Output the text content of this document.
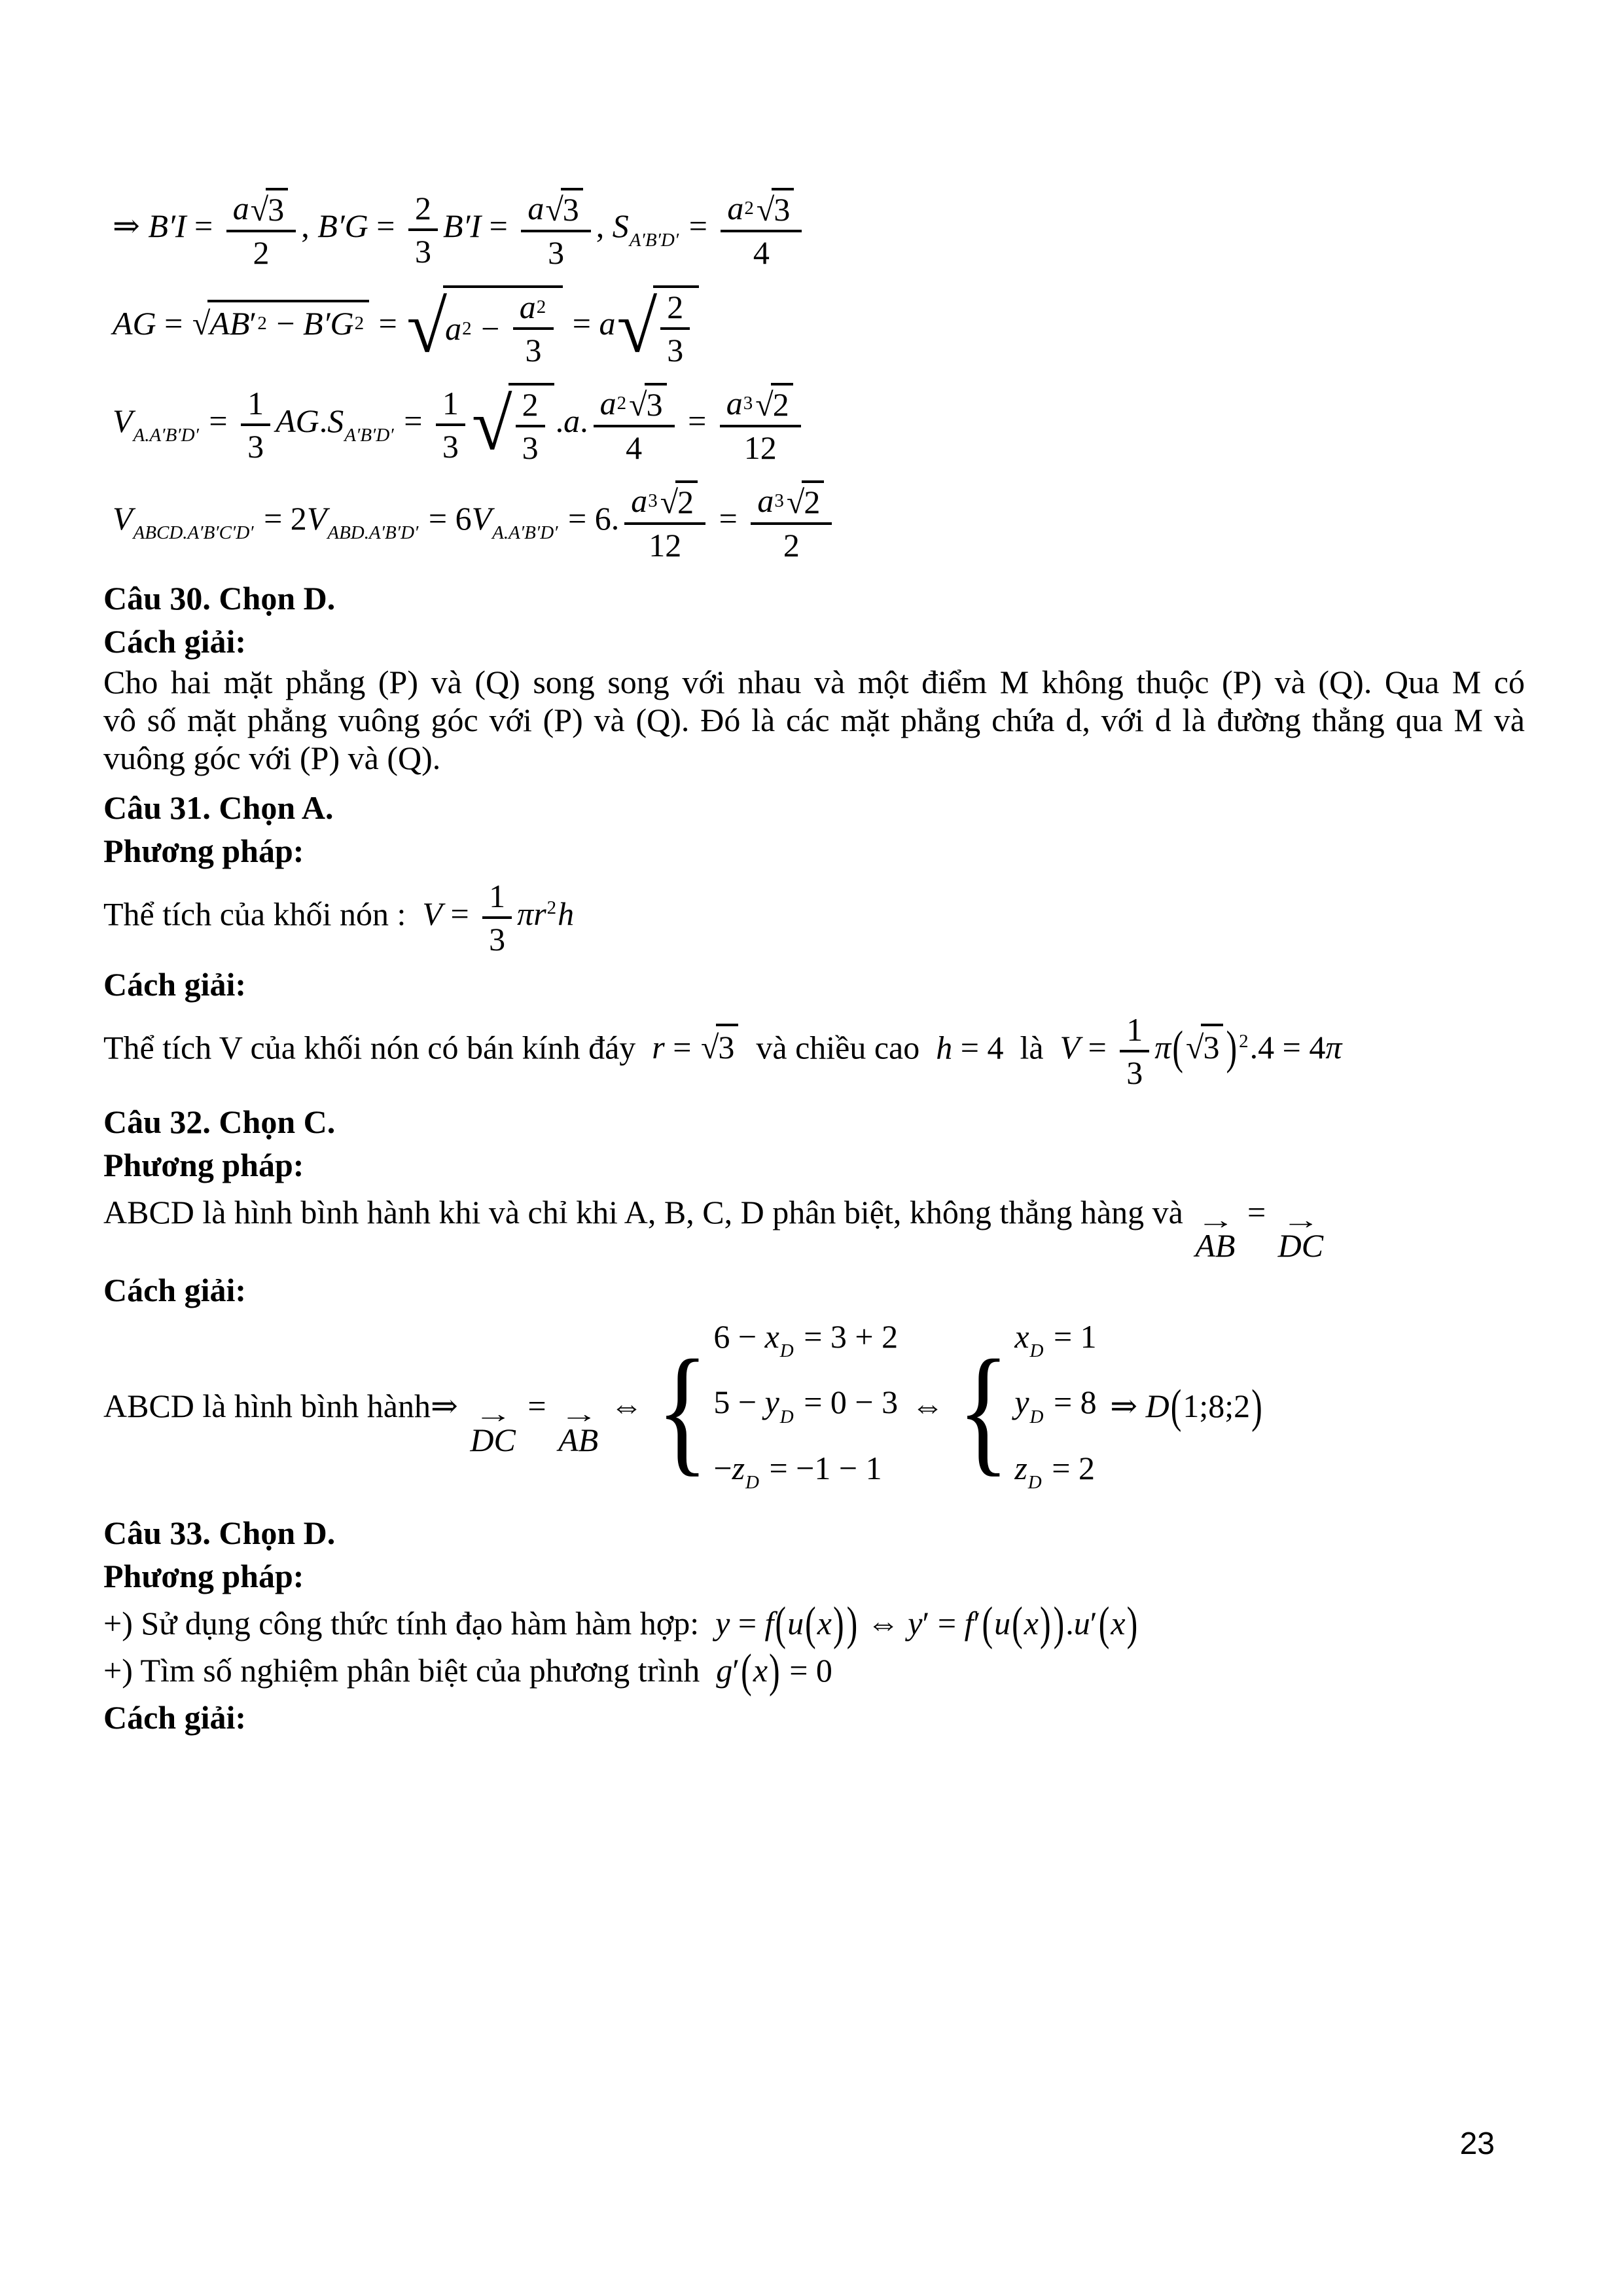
⇒ $B'I = \frac{a √ 3}{2}$ , $B'G = \frac{2}{3} B'I = \frac{a √ 3}{3}$ , $S_{A'B'D'} = \frac{a 2 √ 3}{4}$
AG = √ AB ′ 2 − B′G 2 = √
a $2 - \frac{a 2}{3} = a$ √ $\frac{2}{3}$
$V_{A.A'B'D'} = \frac{1}{3} AG.S_{A'B'D'} = \frac{1}{3}$ √ $\frac{2}{3} .a$. $\frac{a 2 √ 3}{4} = \frac{a 3 √ 2}{12}$
$V_{ABCD.A'B'C'D'} = 2V_{ABD.A'B'D'} = 6V_{A.A'B'D'} = 6$. $\frac{a 3 √ 2}{12} = \frac{a 3 √ 2}{2}$
Câu 30. Chọn D.
Cách giải:
Cho hai mặt phẳng (P) và (Q) song song với nhau và một điểm M không thuộc (P) và (Q). Qua M có
vô số mặt phẳng vuông góc với (P) và (Q). Đó là các mặt phẳng chứa d, với d là đường thẳng qua M và
vuông góc với (P) và (Q).
Câu 31. Chọn A.
Phương pháp:
Thể tích của khối nón :  $V = \frac{1}{3} \pi r^2h$
Cách giải:
Thể tích V của khối nón có bán kính đáy  r = √ 3 và chiều cao  h = 4  là  $V = \frac{1}{3} \pi$( √ 3 ) $^2$.4 = 4π
Câu 32. Chọn C.
Phương pháp:
ABCD là hình bình hành khi và chỉ khi A, B, C, D phân biệt, không thẳng hàng và →
AB
= →
DC
Cách giải:
ABCD là hình bình hành⇒ →
DC
= →
AB
⇔ { $6 - x_D = 3 + 2$
$5 - y_D = 0 - 3$
$-z_D = -1 - 1$
⇔ { $x_D = 1$
$y_D = 8$
$z_D = 2$
⇒ D(1;8;2)
Câu 33. Chọn D.
Phương pháp:
+) Sử dụng công thức tính đạo hàm hàm hợp:  y = f(u(x)) ⇔ y′ = f′(u(x)).u′(x)
+) Tìm số nghiệm phân biệt của phương trình  g′(x) = 0
Cách giải:
23
